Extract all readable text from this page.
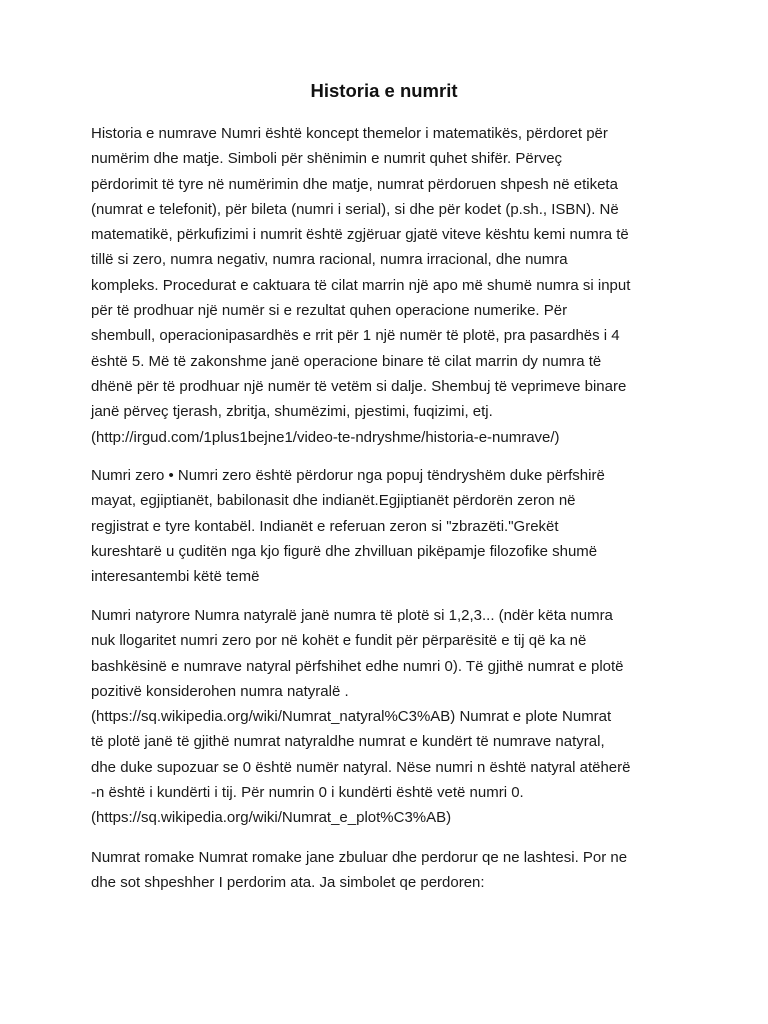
Historia e numrit

Historia e numrave Numri është koncept themelor i matematikës, përdoret për
numërim dhe matje. Simboli për shënimin e numrit quhet shifër. Përveç
përdorimit të tyre në numërimin dhe matje, numrat përdoruen shpesh në etiketa
(numrat e telefonit), për bileta (numri i serial), si dhe për kodet (p.sh., ISBN). Në
matematikë, përkufizimi i numrit është zgjëruar gjatë viteve kështu kemi numra të
tillë si zero, numra negativ, numra racional, numra irracional, dhe numra
kompleks. Procedurat e caktuara të cilat marrin një apo më shumë numra si input
për të prodhuar një numër si e rezultat quhen operacione numerike. Për
shembull, operacionipasardhës e rrit për 1 një numër të plotë, pra pasardhës i 4
është 5. Më të zakonshme janë operacione binare të cilat marrin dy numra të
dhënë për të prodhuar një numër të vetëm si dalje. Shembuj të veprimeve binare
janë përveç tjerash, zbritja, shumëzimi, pjestimi, fuqizimi, etj.
(http://irgud.com/1plus1bejne1/video-te-ndryshme/historia-e-numrave/)

Numri zero • Numri zero është përdorur nga popuj tëndryshëm duke përfshirë
mayat, egjiptianët, babilonasit dhe indianët.Egjiptianët përdorën zeron në
regjistrat e tyre kontabël. Indianët e referuan zeron si "zbrazëti."Grekët
kureshtarë u çuditën nga kjo figurë dhe zhvilluan pikëpamje filozofike shumë
interesantembi këtë temë

Numri natyrore Numra natyralë janë numra të plotë si 1,2,3... (ndër këta numra
nuk llogaritet numri zero por në kohët e fundit për përparësitë e tij që ka në
bashkësinë e numrave natyral përfshihet edhe numri 0). Të gjithë numrat e plotë
pozitivë konsiderohen numra natyralë .
(https://sq.wikipedia.org/wiki/Numrat_natyral%C3%AB) Numrat e plote Numrat
të plotë janë të gjithë numrat natyraldhe numrat e kundërt të numrave natyral,
dhe duke supozuar se 0 është numër natyral. Nëse numri n është natyral atëherë
-n është i kundërti i tij. Për numrin 0 i kundërti është vetë numri 0.
(https://sq.wikipedia.org/wiki/Numrat_e_plot%C3%AB)

Numrat romake Numrat romake jane zbuluar dhe perdorur qe ne lashtesi. Por ne
dhe sot shpeshher I perdorim ata. Ja simbolet qe perdoren:
